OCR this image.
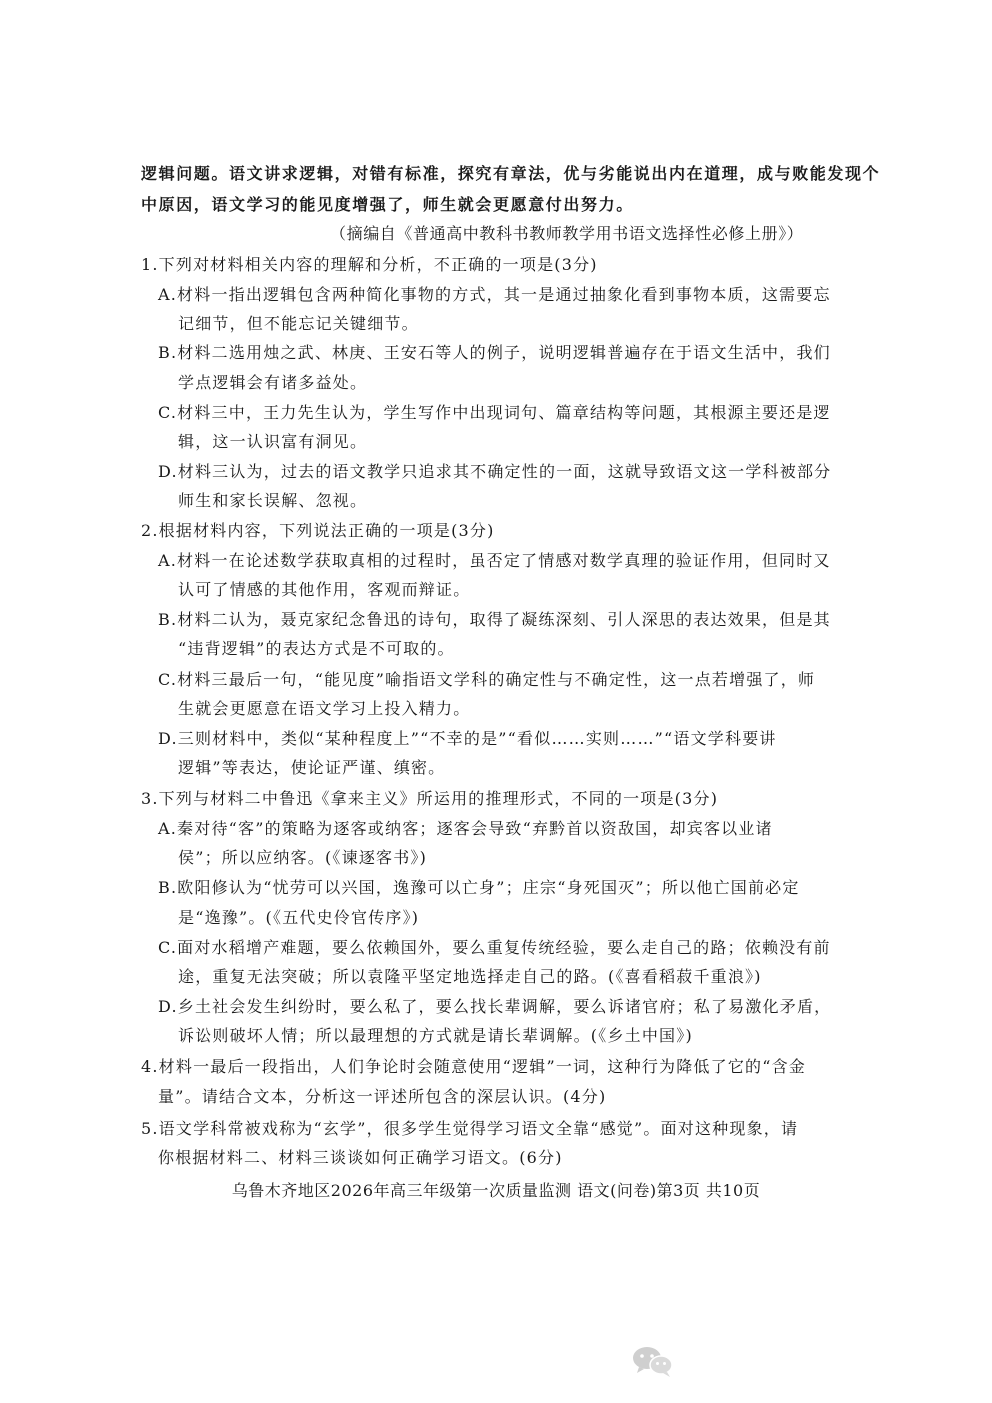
逻辑问题。语文讲求逻辑，对错有标准，探究有章法，优与劣能说出内在道理，成与败能发现个
中原因，语文学习的能见度增强了，师生就会更愿意付出努力。
（摘编自《普通高中教科书教师教学用书语文选择性必修上册》）
1.下列对材料相关内容的理解和分析，不正确的一项是(3分)
A.材料一指出逻辑包含两种简化事物的方式，其一是通过抽象化看到事物本质，这需要忘
记细节，但不能忘记关键细节。
B.材料二选用烛之武、林庚、王安石等人的例子，说明逻辑普遍存在于语文生活中，我们
学点逻辑会有诸多益处。
C.材料三中，王力先生认为，学生写作中出现词句、篇章结构等问题，其根源主要还是逻
辑，这一认识富有洞见。
D.材料三认为，过去的语文教学只追求其不确定性的一面，这就导致语文这一学科被部分
师生和家长误解、忽视。
2.根据材料内容，下列说法正确的一项是(3分)
A.材料一在论述数学获取真相的过程时，虽否定了情感对数学真理的验证作用，但同时又
认可了情感的其他作用，客观而辩证。
B.材料二认为，聂克家纪念鲁迅的诗句，取得了凝练深刻、引人深思的表达效果，但是其
“违背逻辑”的表达方式是不可取的。
C.材料三最后一句，“能见度”喻指语文学科的确定性与不确定性，这一点若增强了，师
生就会更愿意在语文学习上投入精力。
D.三则材料中，类似“某种程度上”“不幸的是”“看似……实则……”“语文学科要讲
逻辑”等表达，使论证严谨、缜密。
3.下列与材料二中鲁迅《拿来主义》所运用的推理形式，不同的一项是(3分)
A.秦对待“客”的策略为逐客或纳客；逐客会导致“弃黔首以资敌国，却宾客以业诸
侯”；所以应纳客。(《谏逐客书》)
B.欧阳修认为“忧劳可以兴国，逸豫可以亡身”；庄宗“身死国灭”；所以他亡国前必定
是“逸豫”。(《五代史伶官传序》)
C.面对水稻增产难题，要么依赖国外，要么重复传统经验，要么走自己的路；依赖没有前
途，重复无法突破；所以袁隆平坚定地选择走自己的路。(《喜看稻菽千重浪》)
D.乡土社会发生纠纷时，要么私了，要么找长辈调解，要么诉诸官府；私了易激化矛盾，
诉讼则破坏人情；所以最理想的方式就是请长辈调解。(《乡土中国》)
4.材料一最后一段指出，人们争论时会随意使用“逻辑”一词，这种行为降低了它的“含金
量”。请结合文本，分析这一评述所包含的深层认识。(4分)
5.语文学科常被戏称为“玄学”，很多学生觉得学习语文全靠“感觉”。面对这种现象，请
你根据材料二、材料三谈谈如何正确学习语文。(6分)
乌鲁木齐地区2026年高三年级第一次质量监测 语文(问卷)第3页 共10页
